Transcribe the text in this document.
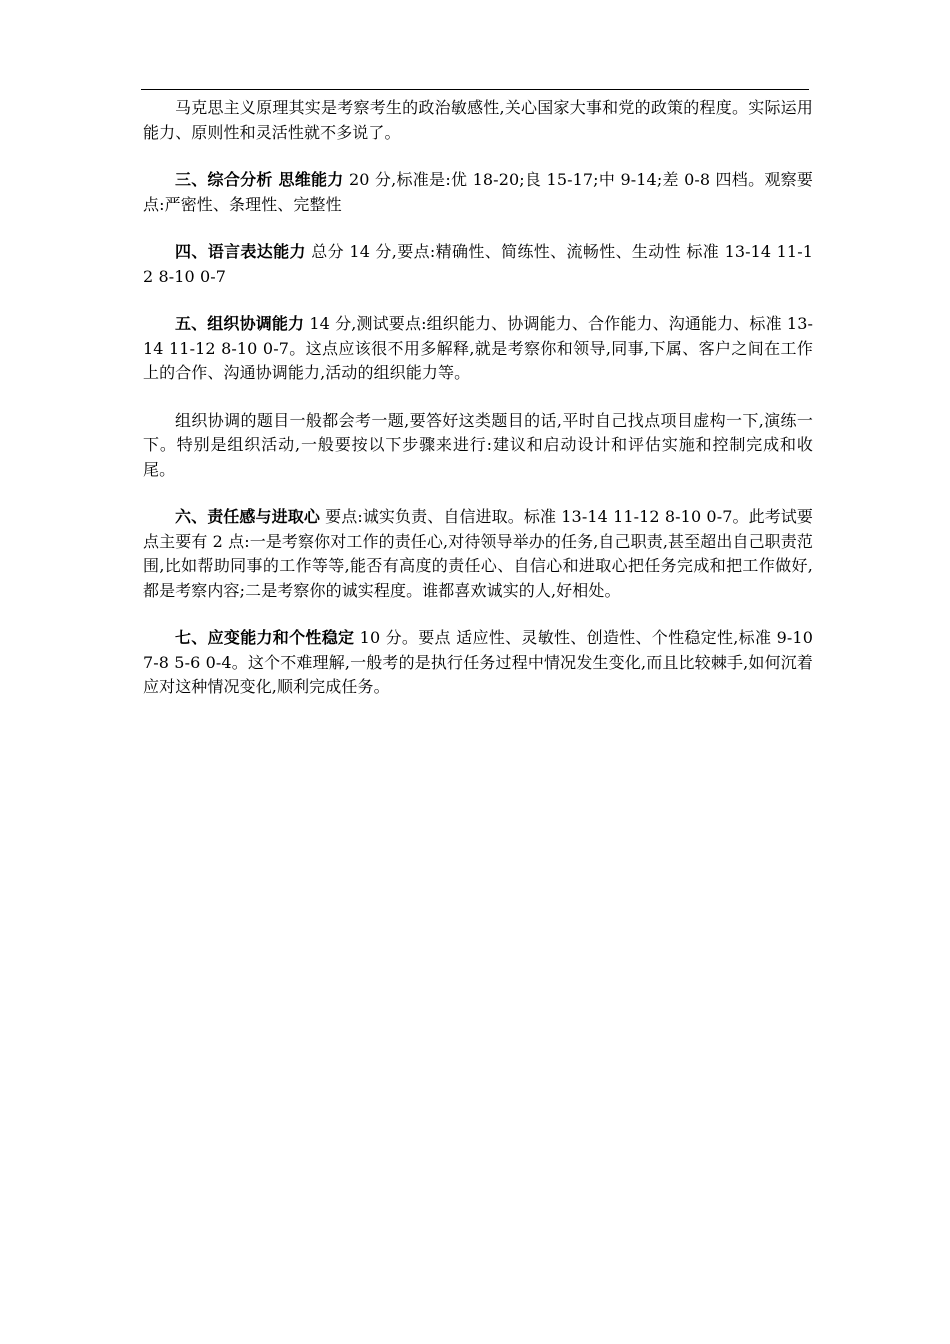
马克思主义原理其实是考察考生的政治敏感性,关心国家大事和党的政策的程度。实际运用能力、原则性和灵活性就不多说了。

三、综合分析 思维能力 20 分,标准是:优 18-20;良 15-17;中 9-14;差 0-8 四档。观察要点:严密性、条理性、完整性

四、语言表达能力 总分 14 分,要点:精确性、简练性、流畅性、生动性 标准 13-14 11-12 8-10 0-7

五、组织协调能力 14 分,测试要点:组织能力、协调能力、合作能力、沟通能力、标准 13-14 11-12 8-10 0-7。这点应该很不用多解释,就是考察你和领导,同事,下属、客户之间在工作上的合作、沟通协调能力,活动的组织能力等。

组织协调的题目一般都会考一题,要答好这类题目的话,平时自己找点项目虚构一下,演练一下。特别是组织活动,一般要按以下步骤来进行:建议和启动设计和评估实施和控制完成和收尾。

六、责任感与进取心 要点:诚实负责、自信进取。标准 13-14 11-12 8-10 0-7。此考试要点主要有 2 点:一是考察你对工作的责任心,对待领导举办的任务,自己职责,甚至超出自己职责范围,比如帮助同事的工作等等,能否有高度的责任心、自信心和进取心把任务完成和把工作做好,都是考察内容;二是考察你的诚实程度。谁都喜欢诚实的人,好相处。

七、应变能力和个性稳定 10 分。要点 适应性、灵敏性、创造性、个性稳定性,标准 9-10 7-8 5-6 0-4。这个不难理解,一般考的是执行任务过程中情况发生变化,而且比较棘手,如何沉着应对这种情况变化,顺利完成任务。
